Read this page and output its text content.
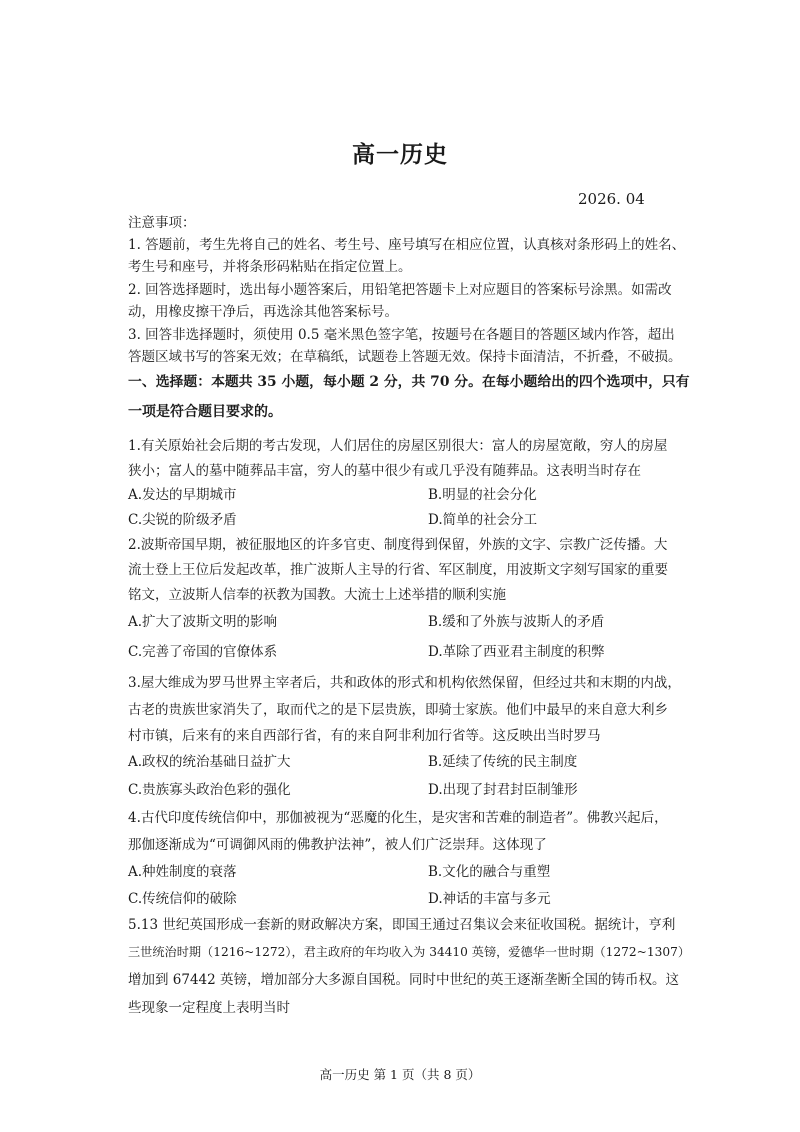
高一历史
2026. 04
注意事项：
1. 答题前，考生先将自己的姓名、考生号、座号填写在相应位置，认真核对条形码上的姓名、
考生号和座号，并将条形码粘贴在指定位置上。
2. 回答选择题时，选出每小题答案后，用铅笔把答题卡上对应题目的答案标号涂黑。如需改
动，用橡皮擦干净后，再选涂其他答案标号。
3. 回答非选择题时，须使用 0.5 毫米黑色签字笔，按题号在各题目的答题区域内作答，超出
答题区域书写的答案无效；在草稿纸，试题卷上答题无效。保持卡面清洁，不折叠，不破损。
一、选择题：本题共 35 小题，每小题 2 分，共 70 分。在每小题给出的四个选项中，只有
一项是符合题目要求的。
1.有关原始社会后期的考古发现，人们居住的房屋区别很大：富人的房屋宽敞，穷人的房屋
狭小；富人的墓中随葬品丰富，穷人的墓中很少有或几乎没有随葬品。这表明当时存在
A.发达的早期城市	B.明显的社会分化
C.尖锐的阶级矛盾	D.简单的社会分工
2.波斯帝国早期，被征服地区的许多官吏、制度得到保留，外族的文字、宗教广泛传播。大
流士登上王位后发起改革，推广波斯人主导的行省、军区制度，用波斯文字刻写国家的重要
铭文，立波斯人信奉的祆教为国教。大流士上述举措的顺利实施
A.扩大了波斯文明的影响	B.缓和了外族与波斯人的矛盾
C.完善了帝国的官僚体系	D.革除了西亚君主制度的积弊
3.屋大维成为罗马世界主宰者后，共和政体的形式和机构依然保留，但经过共和末期的内战，
古老的贵族世家消失了，取而代之的是下层贵族，即骑士家族。他们中最早的来自意大利乡
村市镇，后来有的来自西部行省，有的来自阿非利加行省等。这反映出当时罗马
A.政权的统治基础日益扩大	B.延续了传统的民主制度
C.贵族寡头政治色彩的强化	D.出现了封君封臣制雏形
4.古代印度传统信仰中，那伽被视为“恶魔的化生，是灾害和苦难的制造者”。佛教兴起后，
那伽逐渐成为“可调御风雨的佛教护法神”，被人们广泛崇拜。这体现了
A.种姓制度的衰落	B.文化的融合与重塑
C.传统信仰的破除	D.神话的丰富与多元
5.13 世纪英国形成一套新的财政解决方案，即国王通过召集议会来征收国税。据统计，亨利
三世统治时期（1216~1272），君主政府的年均收入为 34410 英镑，爱德华一世时期（1272~1307）
增加到 67442 英镑，增加部分大多源自国税。同时中世纪的英王逐渐垄断全国的铸币权。这
些现象一定程度上表明当时
高一历史 第 1 页（共 8 页）
